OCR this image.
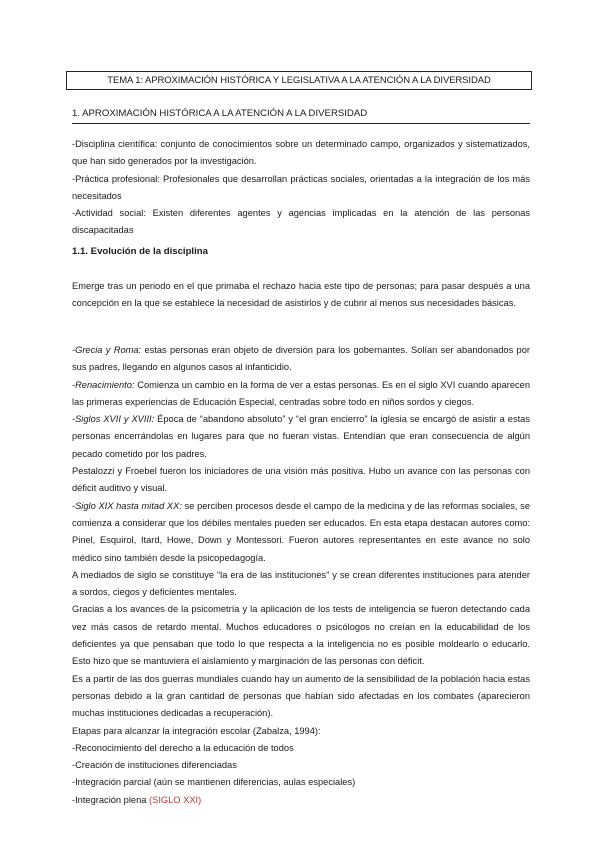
TEMA 1: APROXIMACIÓN HISTÓRICA Y LEGISLATIVA A LA ATENCIÓN A LA DIVERSIDAD
1. APROXIMACIÓN HISTÓRICA A LA ATENCIÓN A LA DIVERSIDAD

-Disciplina científica: conjunto de conocimientos sobre un determinado campo, organizados y sistematizados, que han sido generados por la investigación.

-Práctica profesional: Profesionales que desarrollan prácticas sociales, orientadas a la integración de los más necesitados

-Actividad social: Existen diferentes agentes y agencias implicadas en la atención de las personas discapacitadas

1.1. Evolución de la disciplina

Emerge tras un periodo en el que primaba el rechazo hacia este tipo de personas; para pasar después a una concepción en la que se establece la necesidad de asistirlos y de cubrir al menos sus necesidades básicas.

-Grecia y Roma: estas personas eran objeto de diversión para los gobernantes. Solían ser abandonados por sus padres, llegando en algunos casos al infanticidio.

-Renacimiento: Comienza un cambio en la forma de ver a estas personas. Es en el siglo XVI cuando aparecen las primeras experiencias de Educación Especial, centradas sobre todo en niños sordos y ciegos.

-Siglos XVII y XVIII: Época de “abandono absoluto” y “el gran encierro” la iglesia se encargó de asistir a estas personas encerrándolas en lugares para que no fueran vistas. Entendían que eran consecuencia de algún pecado cometido por los padres.

Pestalozzi y Froebel fueron los iniciadores de una visión más positiva. Hubo un avance con las personas con déficit auditivo y visual.

-Siglo XIX hasta mitad XX: se perciben procesos desde el campo de la medicina y de las reformas sociales, se comienza a considerar que los débiles mentales pueden ser educados. En esta etapa destacan autores como: Pinel, Esquirol, Itard, Howe, Down y Montessori. Fueron autores representantes en este avance no solo médico sino también desde la psicopedagogía.

A mediados de siglo se constituye “la era de las instituciones” y se crean diferentes instituciones para atender a sordos, ciegos y deficientes mentales.

Gracias a los avances de la psicometría y la aplicación de los tests de inteligencia se fueron detectando cada vez más casos de retardo mental. Muchos educadores o psicólogos no creían en la educabilidad de los deficientes ya que pensaban que todo lo que respecta a la inteligencia no es posible moldearlo o educarlo. Esto hizo que se mantuviera el aislamiento y marginación de las personas con déficit.

Es a partir de las dos guerras mundiales cuando hay un aumento de la sensibilidad de la población hacia estas personas debido a la gran cantidad de personas que habían sido afectadas en los combates (aparecieron muchas instituciones dedicadas a recuperación).

Etapas para alcanzar la integración escolar (Zabalza, 1994):

-Reconocimiento del derecho a la educación de todos

-Creación de instituciones diferenciadas

-Integración parcial (aún se mantienen diferencias, aulas especiales)

-Integración plena (SIGLO XXI)
